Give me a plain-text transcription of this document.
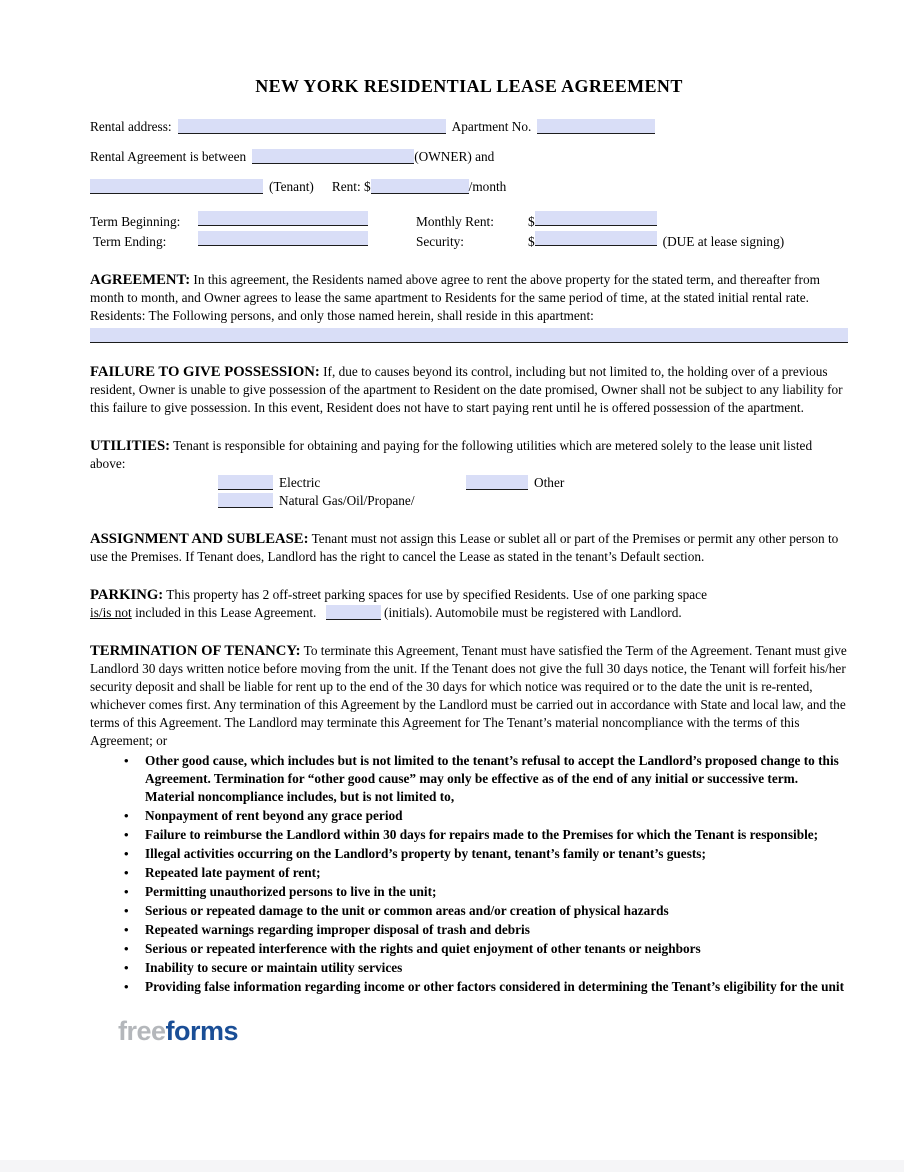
NEW YORK RESIDENTIAL LEASE AGREEMENT
Rental address:	Apartment No.
Rental Agreement is between	(OWNER) and
(Tenant) Rent: $	/month
Term Beginning:	Monthly Rent:	$
Term Ending:	Security:	$	(DUE at lease signing)
AGREEMENT: In this agreement, the Residents named above agree to rent the above property for the stated term, and thereafter from month to month, and Owner agrees to lease the same apartment to Residents for the same period of time, at the stated initial rental rate. Residents: The Following persons, and only those named herein, shall reside in this apartment:
FAILURE TO GIVE POSSESSION: If, due to causes beyond its control, including but not limited to, the holding over of a previous resident, Owner is unable to give possession of the apartment to Resident on the date promised, Owner shall not be subject to any liability for this failure to give possession. In this event, Resident does not have to start paying rent until he is offered possession of the apartment.
UTILITIES: Tenant is responsible for obtaining and paying for the following utilities which are metered solely to the lease unit listed above:
Electric	Other
Natural Gas/Oil/Propane/
ASSIGNMENT AND SUBLEASE: Tenant must not assign this Lease or sublet all or part of the Premises or permit any other person to use the Premises. If Tenant does, Landlord has the right to cancel the Lease as stated in the tenant’s Default section.
PARKING: This property has 2 off-street parking spaces for use by specified Residents. Use of one parking space
is/is not included in this Lease Agreement.	(initials). Automobile must be registered with Landlord.
TERMINATION OF TENANCY: To terminate this Agreement, Tenant must have satisfied the Term of the Agreement. Tenant must give Landlord 30 days written notice before moving from the unit. If the Tenant does not give the full 30 days notice, the Tenant will forfeit his/her security deposit and shall be liable for rent up to the end of the 30 days for which notice was required or to the date the unit is re-rented, whichever comes first. Any termination of this Agreement by the Landlord must be carried out in accordance with State and local law, and the terms of this Agreement. The Landlord may terminate this Agreement for The Tenant’s material noncompliance with the terms of this Agreement; or
• Other good cause, which includes but is not limited to the tenant’s refusal to accept the Landlord’s proposed change to this Agreement. Termination for “other good cause” may only be effective as of the end of any initial or successive term.
Material noncompliance includes, but is not limited to,
• Nonpayment of rent beyond any grace period
• Failure to reimburse the Landlord within 30 days for repairs made to the Premises for which the Tenant is responsible;
• Illegal activities occurring on the Landlord’s property by tenant, tenant’s family or tenant’s guests;
• Repeated late payment of rent;
• Permitting unauthorized persons to live in the unit;
• Serious or repeated damage to the unit or common areas and/or creation of physical hazards
• Repeated warnings regarding improper disposal of trash and debris
• Serious or repeated interference with the rights and quiet enjoyment of other tenants or neighbors
• Inability to secure or maintain utility services
• Providing false information regarding income or other factors considered in determining the Tenant’s eligibility for the unit
freeforms
